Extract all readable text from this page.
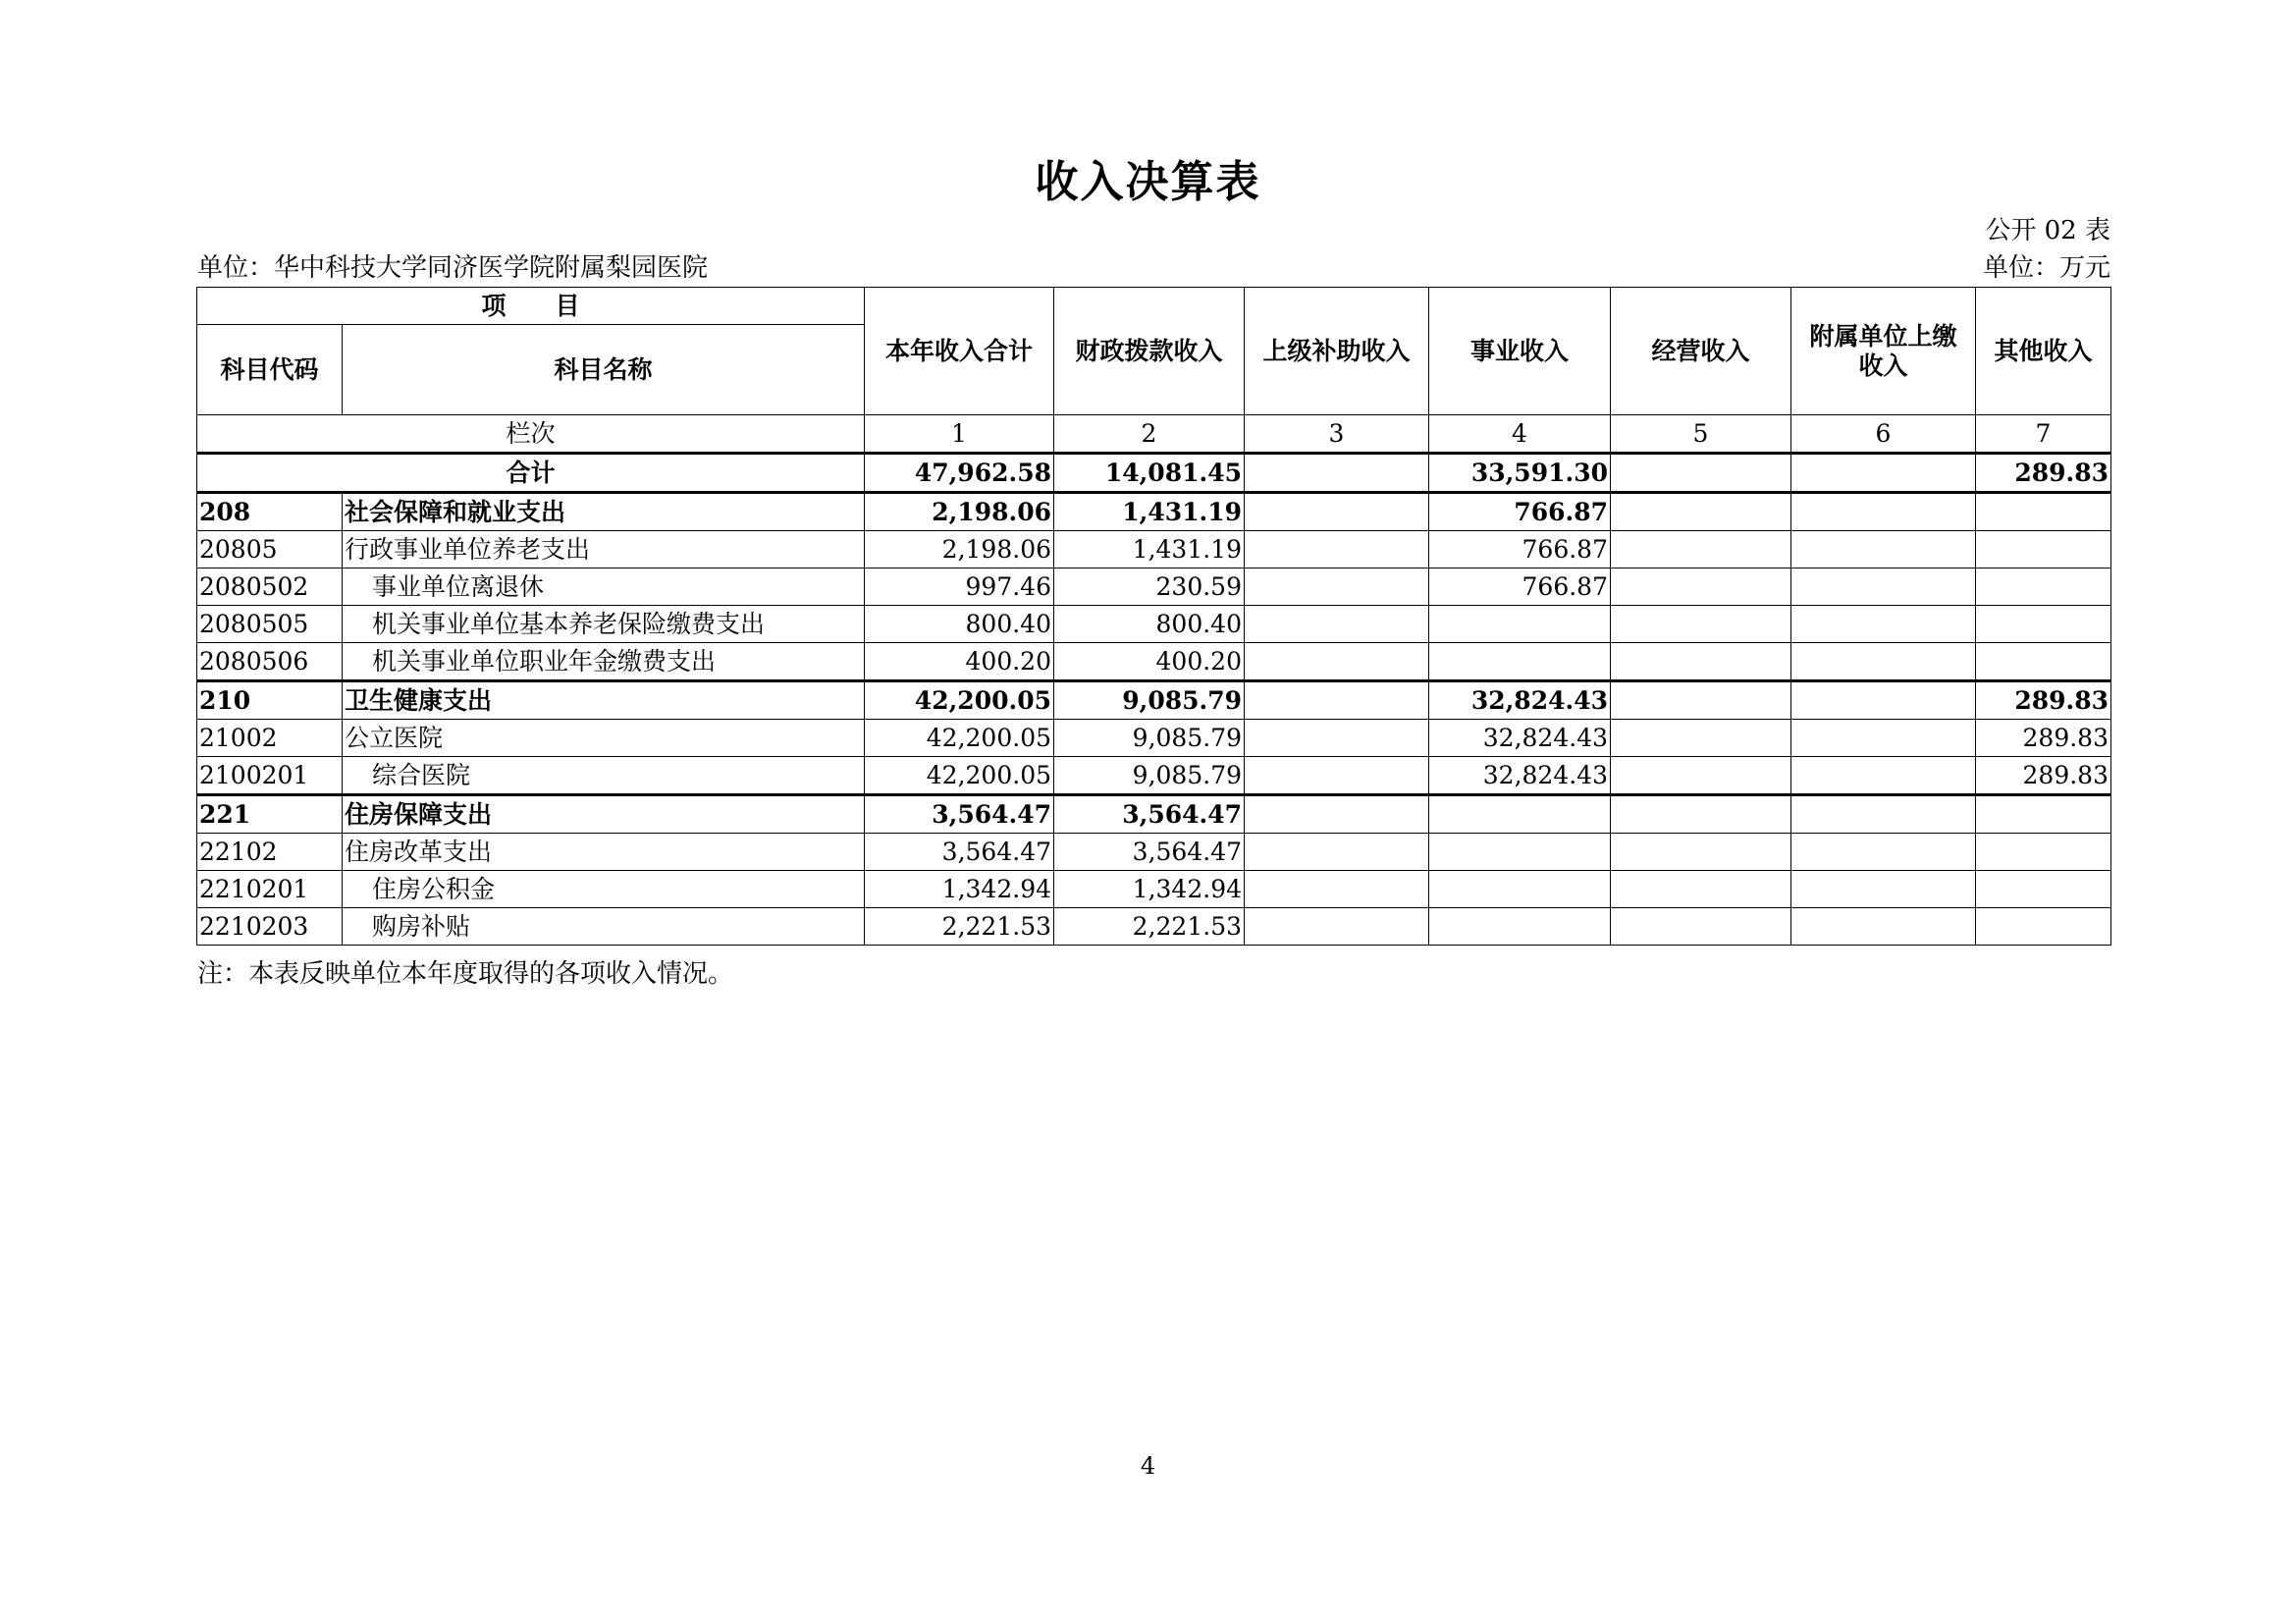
收入决算表
公开 02 表
单位：华中科技大学同济医学院附属梨园医院	单位：万元
项　　目		本年收入合计	财政拨款收入	上级补助收入	事业收入	经营收入	附属单位上缴收入	其他收入
科目代码	科目名称							
栏次		1	2	3	4	5	6	7
合计		47,962.58	14,081.45		33,591.30			289.83
208	社会保障和就业支出	2,198.06	1,431.19		766.87			
20805	行政事业单位养老支出	2,198.06	1,431.19		766.87			
2080502	事业单位离退休	997.46	230.59		766.87			
2080505	机关事业单位基本养老保险缴费支出	800.40	800.40					
2080506	机关事业单位职业年金缴费支出	400.20	400.20					
210	卫生健康支出	42,200.05	9,085.79		32,824.43			289.83
21002	公立医院	42,200.05	9,085.79		32,824.43			289.83
2100201	综合医院	42,200.05	9,085.79		32,824.43			289.83
221	住房保障支出	3,564.47	3,564.47					
22102	住房改革支出	3,564.47	3,564.47					
2210201	住房公积金	1,342.94	1,342.94					
2210203	购房补贴	2,221.53	2,221.53					
注：本表反映单位本年度取得的各项收入情况。
4
